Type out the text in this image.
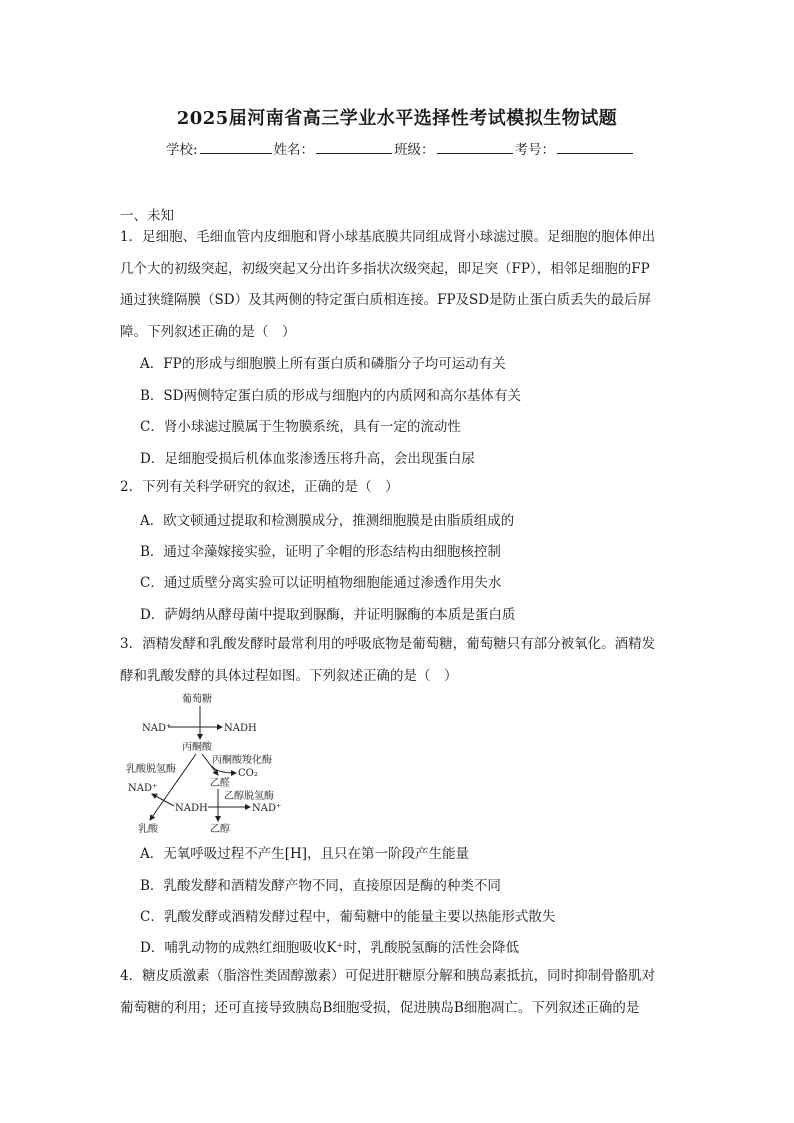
2025届河南省高三学业水平选择性考试模拟生物试题
学校:	姓名：	班级：	考号：
一、未知
1．足细胞、毛细血管内皮细胞和肾小球基底膜共同组成肾小球滤过膜。足细胞的胞体伸出
几个大的初级突起，初级突起又分出许多指状次级突起，即足突（FP），相邻足细胞的FP
通过狭缝隔膜（SD）及其两侧的特定蛋白质相连接。FP及SD是防止蛋白质丢失的最后屏
障。下列叙述正确的是（　）
A．FP的形成与细胞膜上所有蛋白质和磷脂分子均可运动有关
B．SD两侧特定蛋白质的形成与细胞内的内质网和高尔基体有关
C．肾小球滤过膜属于生物膜系统，具有一定的流动性
D．足细胞受损后机体血浆渗透压将升高，会出现蛋白尿
2．下列有关科学研究的叙述，正确的是（　）
A．欧文顿通过提取和检测膜成分，推测细胞膜是由脂质组成的
B．通过伞藻嫁接实验，证明了伞帽的形态结构由细胞核控制
C．通过质壁分离实验可以证明植物细胞能通过渗透作用失水
D．萨姆纳从酵母菌中提取到脲酶，并证明脲酶的本质是蛋白质
3．酒精发酵和乳酸发酵时最常利用的呼吸底物是葡萄糖，葡萄糖只有部分被氧化。酒精发
酵和乳酸发酵的具体过程如图。下列叙述正确的是（　）
葡萄糖
NAD⁺	NADH
丙酮酸
乳酸脱氢酶
丙酮酸羧化酶
CO₂
乙醛
乙醇脱氢酶
NAD⁺
NADH	NAD⁺
乳酸	乙醇
A．无氧呼吸过程不产生[H]，且只在第一阶段产生能量
B．乳酸发酵和酒精发酵产物不同，直接原因是酶的种类不同
C．乳酸发酵或酒精发酵过程中，葡萄糖中的能量主要以热能形式散失
D．哺乳动物的成熟红细胞吸收K⁺时，乳酸脱氢酶的活性会降低
4．糖皮质激素（脂溶性类固醇激素）可促进肝糖原分解和胰岛素抵抗，同时抑制骨骼肌对
葡萄糖的利用；还可直接导致胰岛B细胞受损，促进胰岛B细胞凋亡。下列叙述正确的是
